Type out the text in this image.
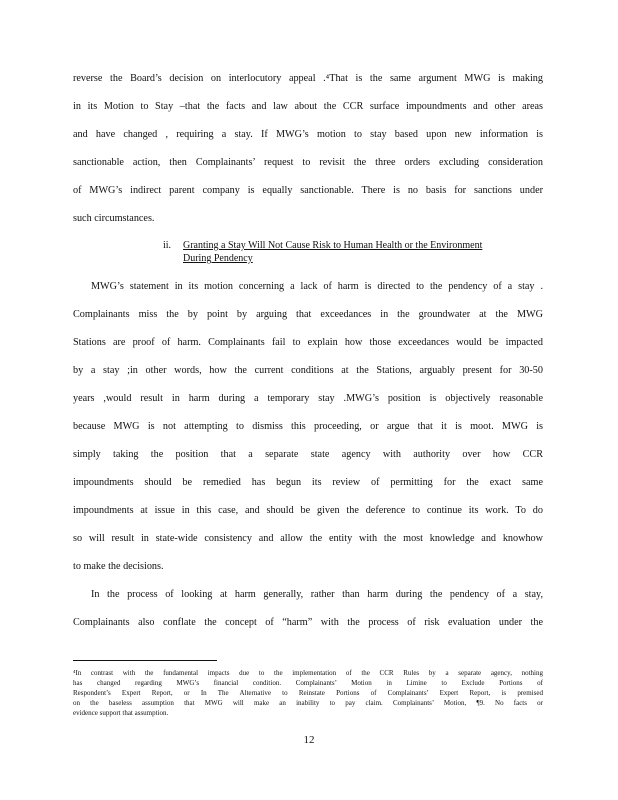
reverse the Board’s decision on interlocutory appeal .⁴That is the same argument MWG is making
in its Motion to Stay –that the facts and law about the CCR surface impoundments and other areas
and have changed , requiring a stay. If MWG’s motion to stay based upon new information is
sanctionable action, then Complainants’ request to revisit the three orders excluding consideration
of MWG’s indirect parent company is equally sanctionable. There is no basis for sanctions under
such circumstances.
ii. Granting a Stay Will Not Cause Risk to Human Health or the Environment
During Pendency
MWG’s statement in its motion concerning a lack of harm is directed to the pendency of a stay .
Complainants miss the by point by arguing that exceedances in the groundwater at the MWG
Stations are proof of harm. Complainants fail to explain how those exceedances would be impacted
by a stay ;in other words, how the current conditions at the Stations, arguably present for 30-50
years ,would result in harm during a temporary stay .MWG’s position is objectively reasonable
because MWG is not attempting to dismiss this proceeding, or argue that it is moot. MWG is
simply taking the position that a separate state agency with authority over how CCR
impoundments should be remedied has begun its review of permitting for the exact same
impoundments at issue in this case, and should be given the deference to continue its work. To do
so will result in state-wide consistency and allow the entity with the most knowledge and knowhow
to make the decisions.
In the process of looking at harm generally, rather than harm during the pendency of a stay,
Complainants also conflate the concept of “harm” with the process of risk evaluation under the
⁴In contrast with the fundamental impacts due to the implementation of the CCR Rules by a separate agency, nothing
has changed regarding MWG’s financial condition. Complainants’ Motion in Limine to Exclude Portions of
Respondent’s Expert Report, or In The Alternative to Reinstate Portions of Complainants’ Expert Report, is premised
on the baseless assumption that MWG will make an inability to pay claim. Complainants’ Motion, ¶9. No facts or
evidence support that assumption.
12
